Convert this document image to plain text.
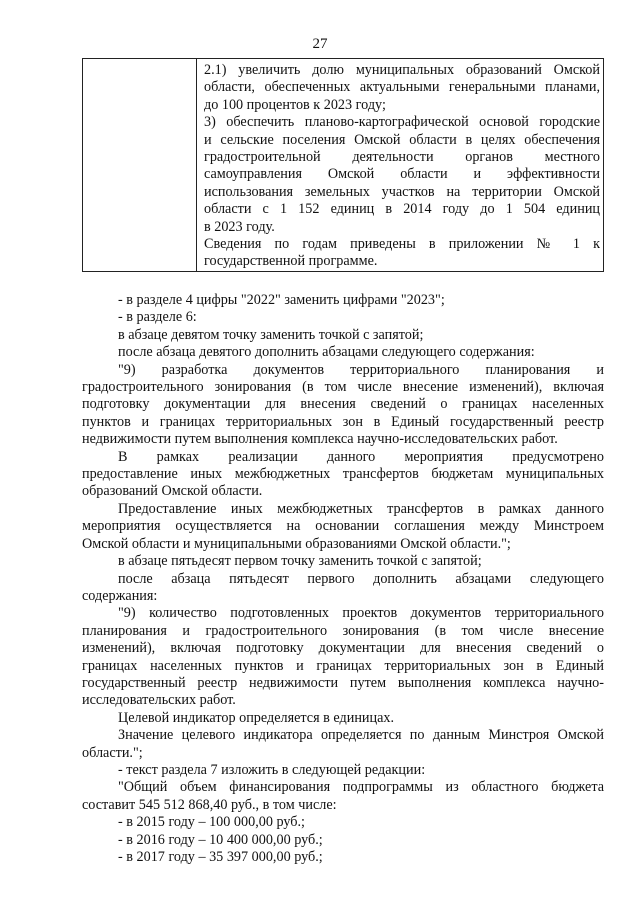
27
2.1) увеличить долю муниципальных образований Омской
области, обеспеченных актуальными генеральными планами,
до 100 процентов к 2023 году;
3) обеспечить планово-картографической основой городские
и сельские поселения Омской области в целях обеспечения
градостроительной деятельности органов местного
самоуправления Омской области и эффективности
использования земельных участков на территории Омской
области с 1 152 единиц в 2014 году до 1 504 единиц
в 2023 году.
Сведения по годам приведены в приложении № 1 к
государственной программе.
- в разделе 4 цифры "2022" заменить цифрами "2023";
- в разделе 6:
в абзаце девятом точку заменить точкой с запятой;
после абзаца девятого дополнить абзацами следующего содержания:
"9) разработка документов территориального планирования и
градостроительного зонирования (в том числе внесение изменений), включая
подготовку документации для внесения сведений о границах населенных
пунктов и границах территориальных зон в Единый государственный реестр
недвижимости путем выполнения комплекса научно-исследовательских работ.
В рамках реализации данного мероприятия предусмотрено
предоставление иных межбюджетных трансфертов бюджетам муниципальных
образований Омской области.
Предоставление иных межбюджетных трансфертов в рамках данного
мероприятия осуществляется на основании соглашения между Минстроем
Омской области и муниципальными образованиями Омской области.";
в абзаце пятьдесят первом точку заменить точкой с запятой;
после абзаца пятьдесят первого дополнить абзацами следующего
содержания:
"9) количество подготовленных проектов документов территориального
планирования и градостроительного зонирования (в том числе внесение
изменений), включая подготовку документации для внесения сведений о
границах населенных пунктов и границах территориальных зон в Единый
государственный реестр недвижимости путем выполнения комплекса научно-
исследовательских работ.
Целевой индикатор определяется в единицах.
Значение целевого индикатора определяется по данным Минстроя Омской
области.";
- текст раздела 7 изложить в следующей редакции:
"Общий объем финансирования подпрограммы из областного бюджета
составит 545 512 868,40 руб., в том числе:
- в 2015 году – 100 000,00 руб.;
- в 2016 году – 10 400 000,00 руб.;
- в 2017 году – 35 397 000,00 руб.;
